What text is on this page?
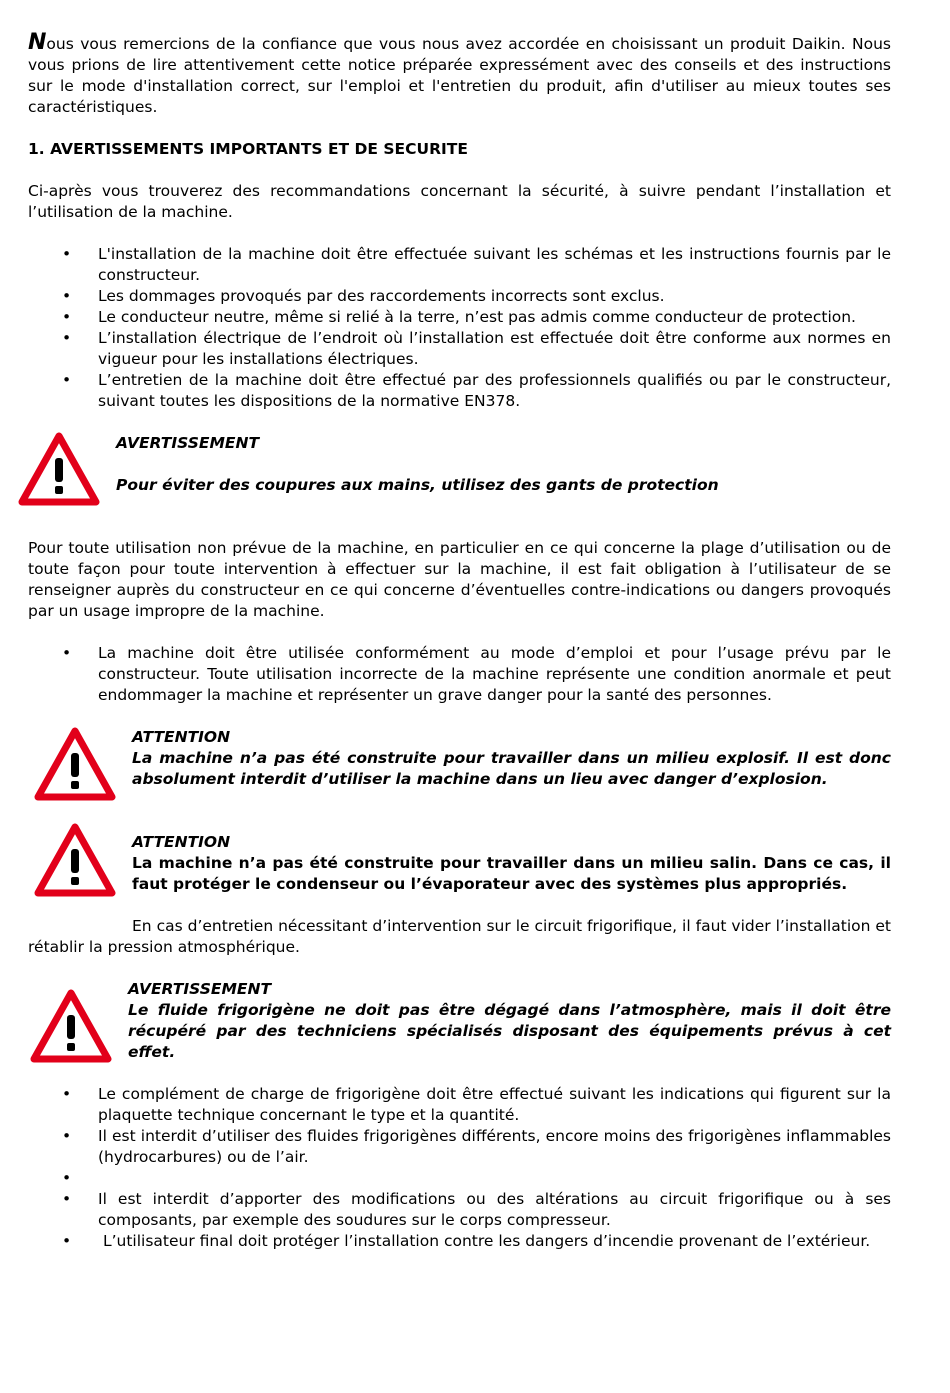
Nous vous remercions de la confiance que vous nous avez accordée en choisissant un produit Daikin. Nous vous prions de lire attentivement cette notice préparée expressément avec des conseils et des instructions sur le mode d'installation correct, sur l'emploi et l'entretien du produit, afin d'utiliser au mieux toutes ses caractéristiques.

1. AVERTISSEMENTS IMPORTANTS ET DE SECURITE

Ci-après vous trouverez des recommandations concernant la sécurité, à suivre pendant l’installation et l’utilisation de la machine.

• L'installation de la machine doit être effectuée suivant les schémas et les instructions fournis par le constructeur.
• Les dommages provoqués par des raccordements incorrects sont exclus.
• Le conducteur neutre, même si relié à la terre, n’est pas admis comme conducteur de protection.
• L’installation électrique de l’endroit où l’installation est effectuée doit être conforme aux normes en vigueur pour les installations électriques.
• L’entretien de la machine doit être effectué par des professionnels qualifiés ou par le constructeur, suivant toutes les dispositions de la normative EN378.
AVERTISSEMENT
Pour éviter des coupures aux mains, utilisez des gants de protection

Pour toute utilisation non prévue de la machine, en particulier en ce qui concerne la plage d’utilisation ou de toute façon pour toute intervention à effectuer sur la machine, il est fait obligation à l’utilisateur de se renseigner auprès du constructeur en ce qui concerne d’éventuelles contre-indications ou dangers provoqués par un usage impropre de la machine.

• La machine doit être utilisée conformément au mode d’emploi et pour l’usage prévu par le constructeur. Toute utilisation incorrecte de la machine représente une condition anormale et peut endommager la machine et représenter un grave danger pour la santé des personnes.
ATTENTION
La machine n’a pas été construite pour travailler dans un milieu explosif. Il est donc absolument interdit d’utiliser la machine dans un lieu avec danger d’explosion.
ATTENTION
La machine n’a pas été construite pour travailler dans un milieu salin. Dans ce cas, il faut protéger le condenseur ou l’évaporateur avec des systèmes plus appropriés.

En cas d’entretien nécessitant d’intervention sur le circuit frigorifique, il faut vider l’installation et rétablir la pression atmosphérique.

AVERTISSEMENT
Le fluide frigorigène ne doit pas être dégagé dans l’atmosphère, mais il doit être récupéré par des techniciens spécialisés disposant des équipements prévus à cet effet.
• Le complément de charge de frigorigène doit être effectué suivant les indications qui figurent sur la plaquette technique concernant le type et la quantité.
• Il est interdit d’utiliser des fluides frigorigènes différents, encore moins des frigorigènes inflammables (hydrocarbures) ou de l’air.
•
• Il est interdit d’apporter des modifications ou des altérations au circuit frigorifique ou à ses composants, par exemple des soudures sur le corps compresseur.
•  L’utilisateur final doit protéger l’installation contre les dangers d’incendie provenant de l’extérieur.
